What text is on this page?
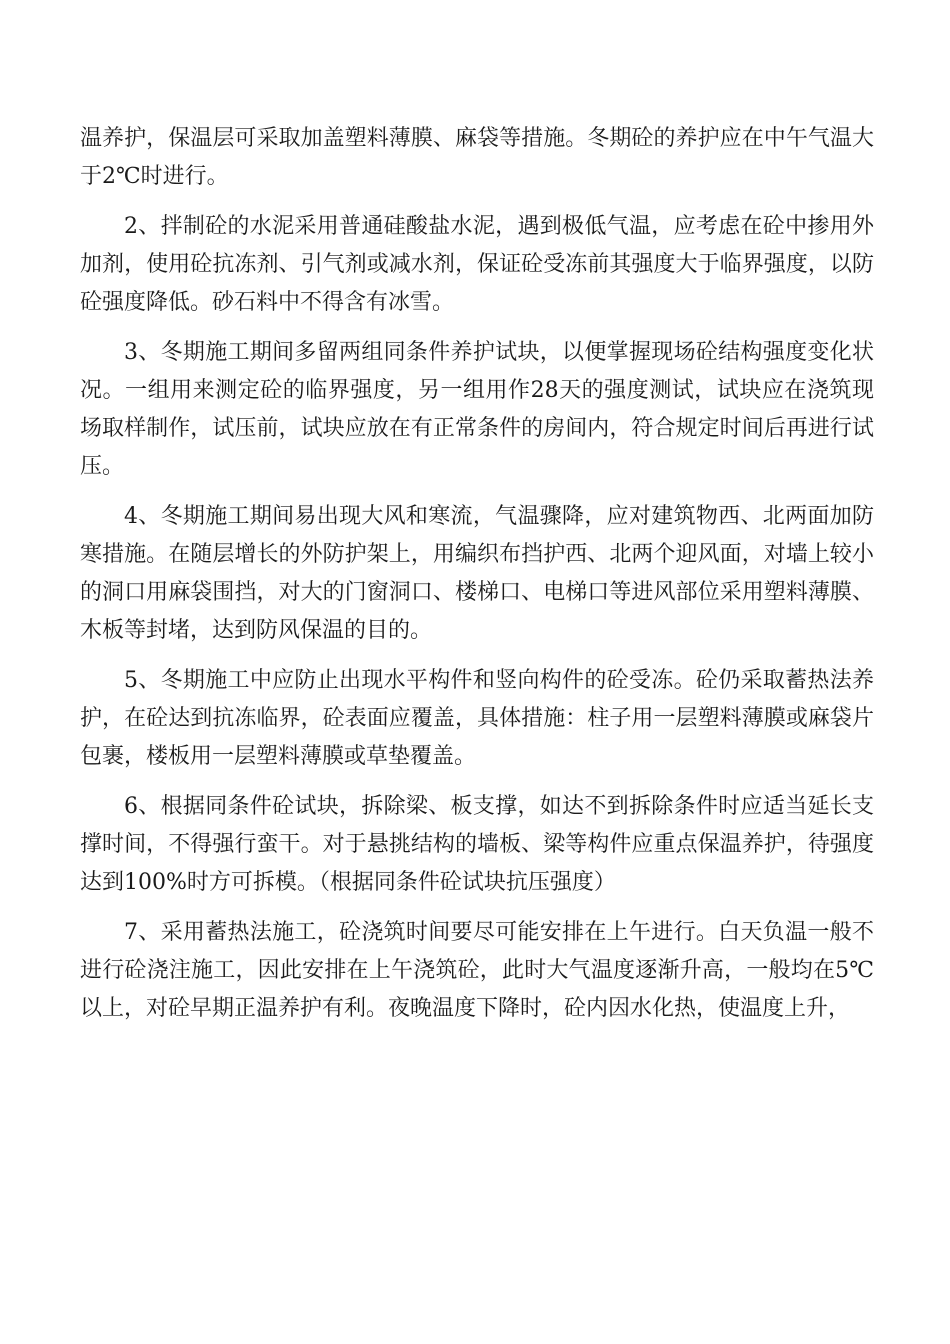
温养护，保温层可采取加盖塑料薄膜、麻袋等措施。冬期砼的养护应在中午气温大于2℃时进行。

2、拌制砼的水泥采用普通硅酸盐水泥，遇到极低气温，应考虑在砼中掺用外加剂，使用砼抗冻剂、引气剂或减水剂，保证砼受冻前其强度大于临界强度，以防砼强度降低。砂石料中不得含有冰雪。

3、冬期施工期间多留两组同条件养护试块，以便掌握现场砼结构强度变化状况。一组用来测定砼的临界强度，另一组用作28天的强度测试，试块应在浇筑现场取样制作，试压前，试块应放在有正常条件的房间内，符合规定时间后再进行试压。

4、冬期施工期间易出现大风和寒流，气温骤降，应对建筑物西、北两面加防寒措施。在随层增长的外防护架上，用编织布挡护西、北两个迎风面，对墙上较小的洞口用麻袋围挡，对大的门窗洞口、楼梯口、电梯口等进风部位采用塑料薄膜、木板等封堵，达到防风保温的目的。

5、冬期施工中应防止出现水平构件和竖向构件的砼受冻。砼仍采取蓄热法养护，在砼达到抗冻临界，砼表面应覆盖，具体措施：柱子用一层塑料薄膜或麻袋片包裹，楼板用一层塑料薄膜或草垫覆盖。

6、根据同条件砼试块，拆除梁、板支撑，如达不到拆除条件时应适当延长支撑时间，不得强行蛮干。对于悬挑结构的墙板、梁等构件应重点保温养护，待强度达到100%时方可拆模。（根据同条件砼试块抗压强度）

7、采用蓄热法施工，砼浇筑时间要尽可能安排在上午进行。白天负温一般不进行砼浇注施工，因此安排在上午浇筑砼，此时大气温度逐渐升高，一般均在5℃以上，对砼早期正温养护有利。夜晚温度下降时，砼内因水化热，使温度上升，
